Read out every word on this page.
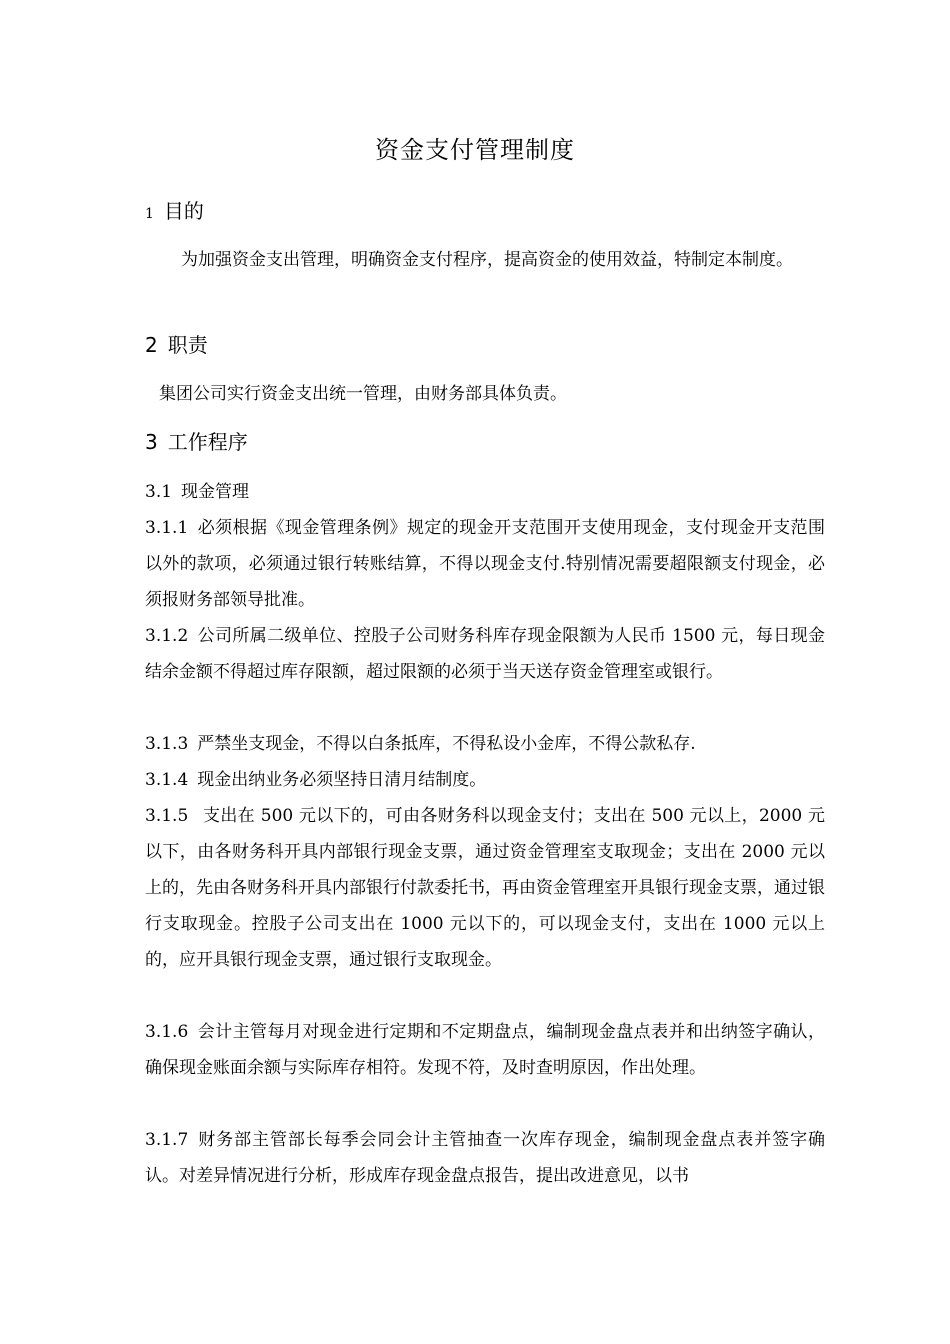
资金支付管理制度
1 目的
为加强资金支出管理，明确资金支付程序，提高资金的使用效益，特制定本制度。
2 职责
集团公司实行资金支出统一管理，由财务部具体负责。
3 工作程序
3.1 现金管理
3.1.1 必须根据《现金管理条例》规定的现金开支范围开支使用现金，支付现金开支范围以外的款项，必须通过银行转账结算，不得以现金支付.特别情况需要超限额支付现金，必须报财务部领导批准。
3.1.2 公司所属二级单位、控股子公司财务科库存现金限额为人民币 1500 元，每日现金结余金额不得超过库存限额，超过限额的必须于当天送存资金管理室或银行。
3.1.3 严禁坐支现金，不得以白条抵库，不得私设小金库，不得公款私存.
3.1.4 现金出纳业务必须坚持日清月结制度。
3.1.5 支出在 500 元以下的，可由各财务科以现金支付；支出在 500 元以上，2000 元以下，由各财务科开具内部银行现金支票，通过资金管理室支取现金；支出在 2000 元以上的，先由各财务科开具内部银行付款委托书，再由资金管理室开具银行现金支票，通过银行支取现金。控股子公司支出在 1000 元以下的，可以现金支付，支出在 1000 元以上的，应开具银行现金支票，通过银行支取现金。
3.1.6 会计主管每月对现金进行定期和不定期盘点，编制现金盘点表并和出纳签字确认，确保现金账面余额与实际库存相符。发现不符，及时查明原因，作出处理。
3.1.7 财务部主管部长每季会同会计主管抽查一次库存现金，编制现金盘点表并签字确认。对差异情况进行分析，形成库存现金盘点报告，提出改进意见，以书
